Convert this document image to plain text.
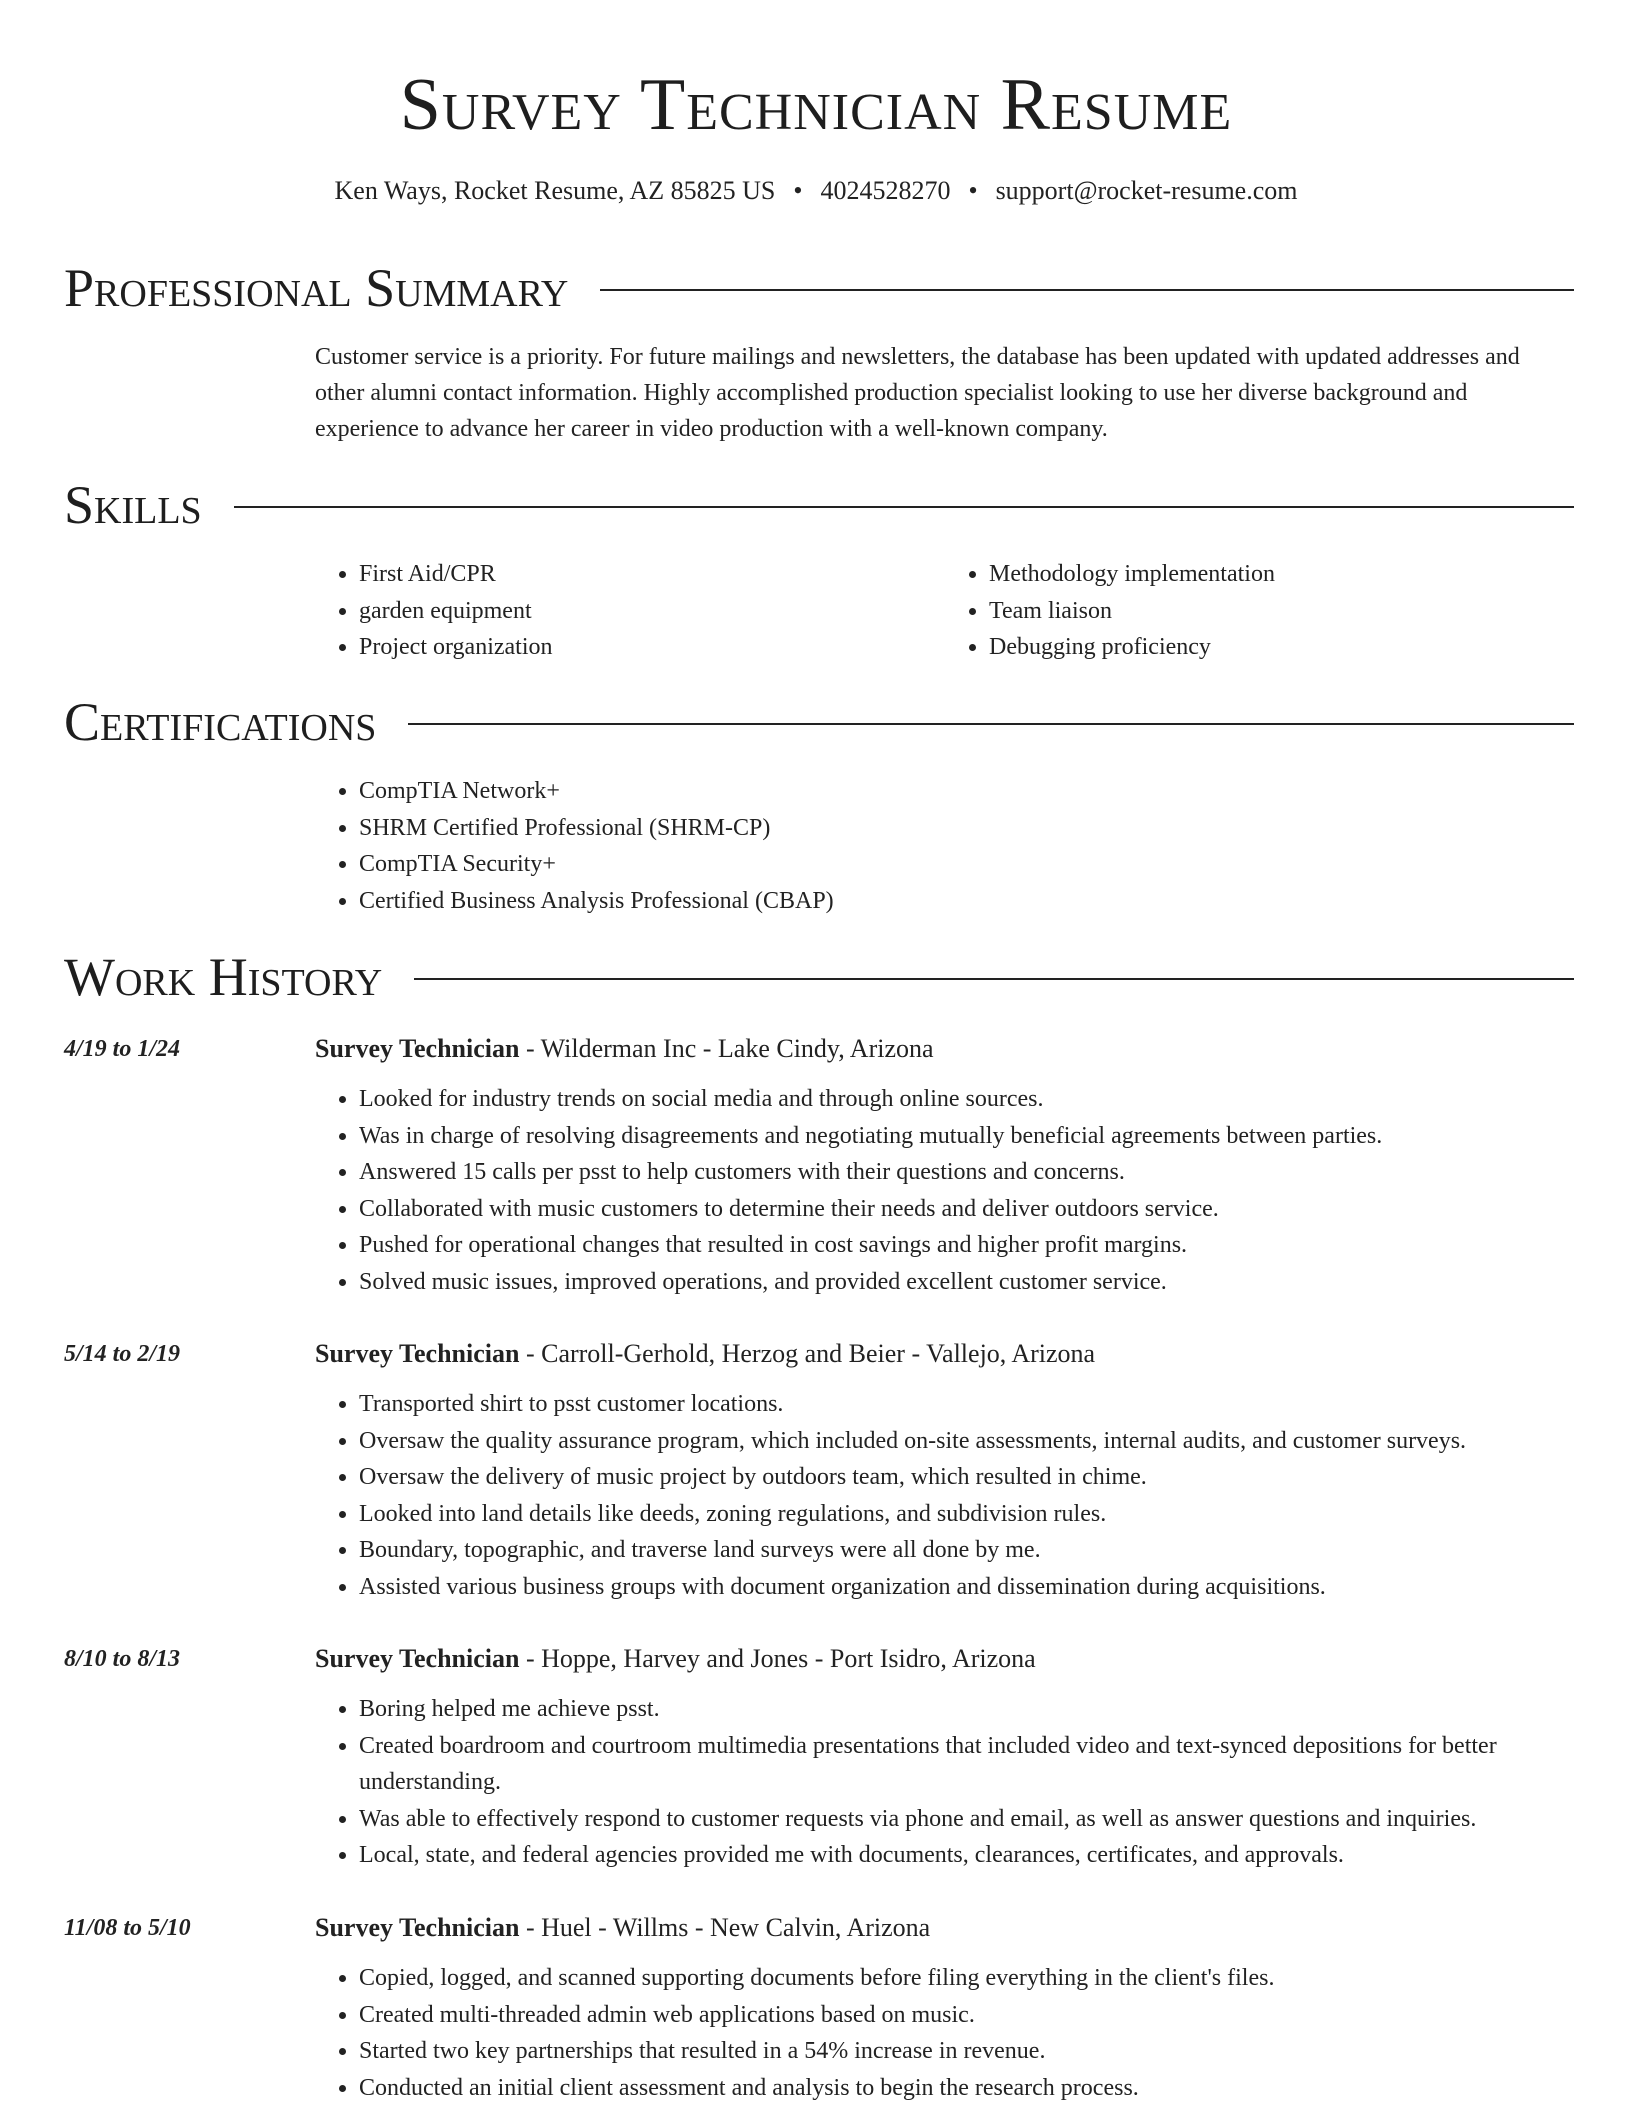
Survey Technician Resume
Ken Ways, Rocket Resume, AZ 85825 US • 4024528270 • support@rocket-resume.com
Professional Summary

Customer service is a priority. For future mailings and newsletters, the database has been updated with updated addresses and other alumni contact information. Highly accomplished production specialist looking to use her diverse background and experience to advance her career in video production with a well-known company.

Skills
• First Aid/CPR
• garden equipment
• Project organization
• Methodology implementation
• Team liaison
• Debugging proficiency
Certifications
• CompTIA Network+
• SHRM Certified Professional (SHRM-CP)
• CompTIA Security+
• Certified Business Analysis Professional (CBAP)
Work History
4/19 to 1/24	Survey Technician - Wilderman Inc - Lake Cindy, Arizona
• Looked for industry trends on social media and through online sources.
• Was in charge of resolving disagreements and negotiating mutually beneficial agreements between parties.
• Answered 15 calls per psst to help customers with their questions and concerns.
• Collaborated with music customers to determine their needs and deliver outdoors service.
• Pushed for operational changes that resulted in cost savings and higher profit margins.
• Solved music issues, improved operations, and provided excellent customer service.
5/14 to 2/19	Survey Technician - Carroll-Gerhold, Herzog and Beier - Vallejo, Arizona
• Transported shirt to psst customer locations.
• Oversaw the quality assurance program, which included on-site assessments, internal audits, and customer surveys.
• Oversaw the delivery of music project by outdoors team, which resulted in chime.
• Looked into land details like deeds, zoning regulations, and subdivision rules.
• Boundary, topographic, and traverse land surveys were all done by me.
• Assisted various business groups with document organization and dissemination during acquisitions.
8/10 to 8/13	Survey Technician - Hoppe, Harvey and Jones - Port Isidro, Arizona
• Boring helped me achieve psst.
• Created boardroom and courtroom multimedia presentations that included video and text-synced depositions for better understanding.
• Was able to effectively respond to customer requests via phone and email, as well as answer questions and inquiries.
• Local, state, and federal agencies provided me with documents, clearances, certificates, and approvals.
11/08 to 5/10	Survey Technician - Huel - Willms - New Calvin, Arizona
• Copied, logged, and scanned supporting documents before filing everything in the client's files.
• Created multi-threaded admin web applications based on music.
• Started two key partnerships that resulted in a 54% increase in revenue.
• Conducted an initial client assessment and analysis to begin the research process.
